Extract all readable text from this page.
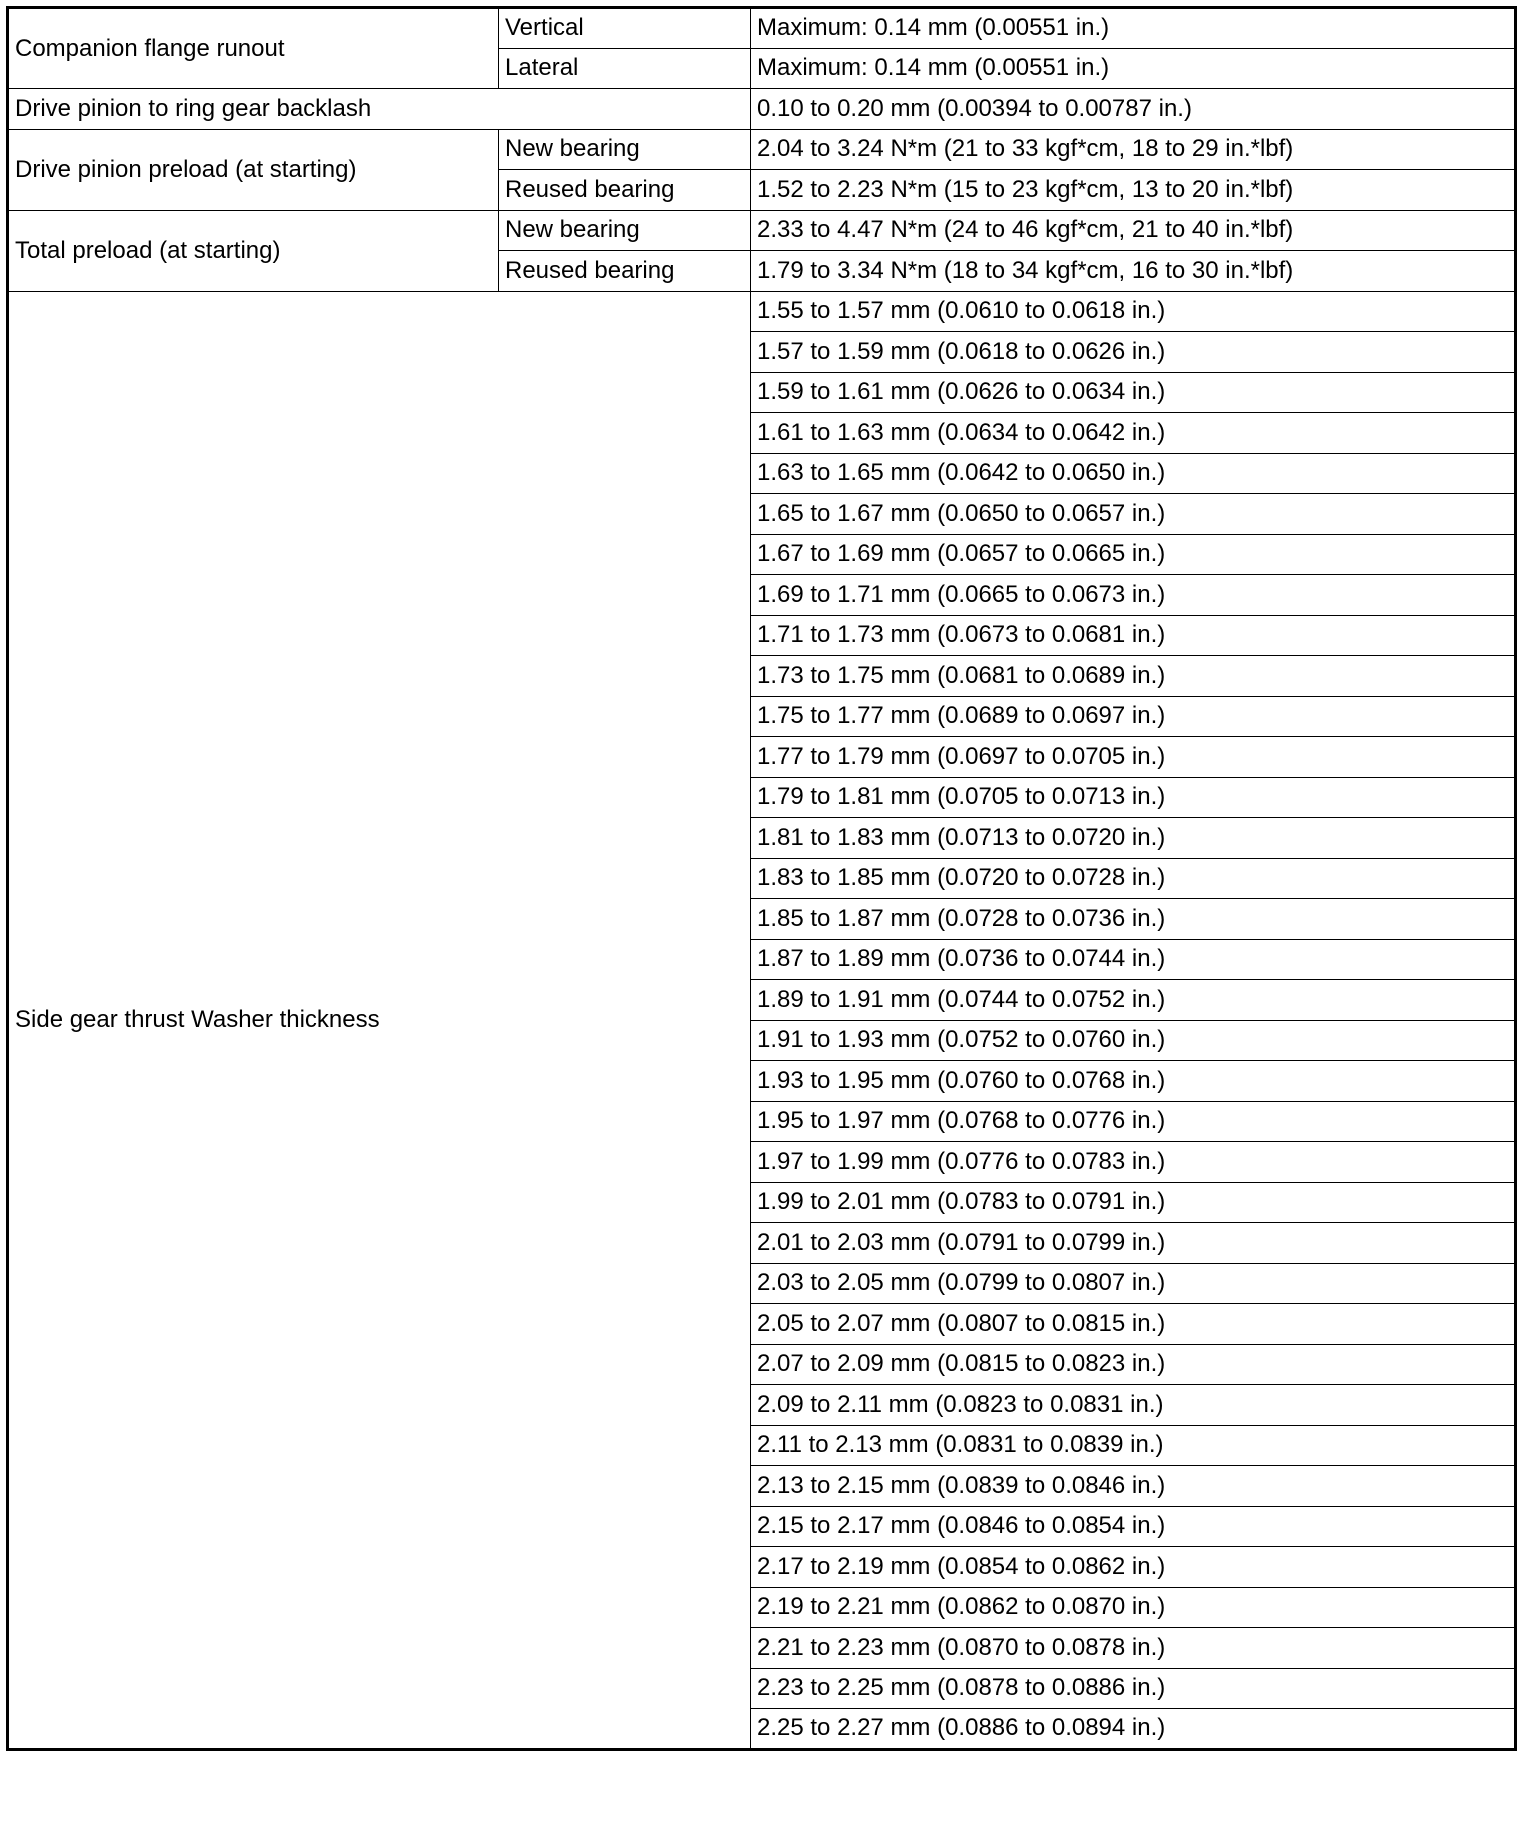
Companion flange runout	Vertical	Maximum: 0.14 mm (0.00551 in.)
	Lateral	Maximum: 0.14 mm (0.00551 in.)
Drive pinion to ring gear backlash		0.10 to 0.20 mm (0.00394 to 0.00787 in.)
Drive pinion preload (at starting)	New bearing	2.04 to 3.24 N*m (21 to 33 kgf*cm, 18 to 29 in.*lbf)
	Reused bearing	1.52 to 2.23 N*m (15 to 23 kgf*cm, 13 to 20 in.*lbf)
Total preload (at starting)	New bearing	2.33 to 4.47 N*m (24 to 46 kgf*cm, 21 to 40 in.*lbf)
	Reused bearing	1.79 to 3.34 N*m (18 to 34 kgf*cm, 16 to 30 in.*lbf)
Side gear thrust Washer thickness		1.55 to 1.57 mm (0.0610 to 0.0618 in.)
		1.57 to 1.59 mm (0.0618 to 0.0626 in.)
		1.59 to 1.61 mm (0.0626 to 0.0634 in.)
		1.61 to 1.63 mm (0.0634 to 0.0642 in.)
		1.63 to 1.65 mm (0.0642 to 0.0650 in.)
		1.65 to 1.67 mm (0.0650 to 0.0657 in.)
		1.67 to 1.69 mm (0.0657 to 0.0665 in.)
		1.69 to 1.71 mm (0.0665 to 0.0673 in.)
		1.71 to 1.73 mm (0.0673 to 0.0681 in.)
		1.73 to 1.75 mm (0.0681 to 0.0689 in.)
		1.75 to 1.77 mm (0.0689 to 0.0697 in.)
		1.77 to 1.79 mm (0.0697 to 0.0705 in.)
		1.79 to 1.81 mm (0.0705 to 0.0713 in.)
		1.81 to 1.83 mm (0.0713 to 0.0720 in.)
		1.83 to 1.85 mm (0.0720 to 0.0728 in.)
		1.85 to 1.87 mm (0.0728 to 0.0736 in.)
		1.87 to 1.89 mm (0.0736 to 0.0744 in.)
		1.89 to 1.91 mm (0.0744 to 0.0752 in.)
		1.91 to 1.93 mm (0.0752 to 0.0760 in.)
		1.93 to 1.95 mm (0.0760 to 0.0768 in.)
		1.95 to 1.97 mm (0.0768 to 0.0776 in.)
		1.97 to 1.99 mm (0.0776 to 0.0783 in.)
		1.99 to 2.01 mm (0.0783 to 0.0791 in.)
		2.01 to 2.03 mm (0.0791 to 0.0799 in.)
		2.03 to 2.05 mm (0.0799 to 0.0807 in.)
		2.05 to 2.07 mm (0.0807 to 0.0815 in.)
		2.07 to 2.09 mm (0.0815 to 0.0823 in.)
		2.09 to 2.11 mm (0.0823 to 0.0831 in.)
		2.11 to 2.13 mm (0.0831 to 0.0839 in.)
		2.13 to 2.15 mm (0.0839 to 0.0846 in.)
		2.15 to 2.17 mm (0.0846 to 0.0854 in.)
		2.17 to 2.19 mm (0.0854 to 0.0862 in.)
		2.19 to 2.21 mm (0.0862 to 0.0870 in.)
		2.21 to 2.23 mm (0.0870 to 0.0878 in.)
		2.23 to 2.25 mm (0.0878 to 0.0886 in.)
		2.25 to 2.27 mm (0.0886 to 0.0894 in.)
